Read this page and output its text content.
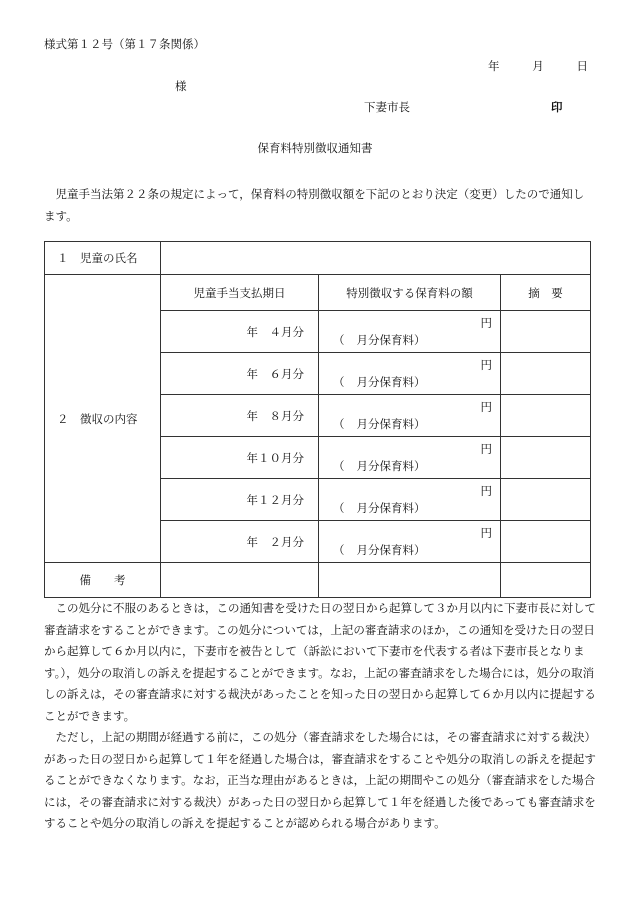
様式第１２号（第１７条関係）
年	月	日
様
下妻市長	印
保育料特別徴収通知書
児童手当法第２２条の規定によって，保育料の特別徴収額を下記のとおり決定（変更）したので通知します。
１　児童の氏名			
２　徴収の内容	児童手当支払期日	特別徴収する保育料の額	摘　要
	年　４月分	円
（ 月分保育料）	

	年　６月分	円
（ 月分保育料）	

	年　８月分	円
（ 月分保育料）	

	年１０月分	円
（ 月分保育料）	

	年１２月分	円
（ 月分保育料）	

	年　２月分	円
（ 月分保育料）	

備　　考			

この処分に不服のあるときは，この通知書を受けた日の翌日から起算して３か月以内に下妻市長に対して審査請求をすることができます。この処分については，上記の審査請求のほか，この通知を受けた日の翌日から起算して６か月以内に，下妻市を被告として（訴訟において下妻市を代表する者は下妻市長となります。），処分の取消しの訴えを提起することができます。なお，上記の審査請求をした場合には，処分の取消しの訴えは，その審査請求に対する裁決があったことを知った日の翌日から起算して６か月以内に提起することができます。

ただし，上記の期間が経過する前に，この処分（審査請求をした場合には，その審査請求に対する裁決）があった日の翌日から起算して１年を経過した場合は，審査請求をすることや処分の取消しの訴えを提起することができなくなります。なお，正当な理由があるときは，上記の期間やこの処分（審査請求をした場合には，その審査請求に対する裁決）があった日の翌日から起算して１年を経過した後であっても審査請求をすることや処分の取消しの訴えを提起することが認められる場合があります。
